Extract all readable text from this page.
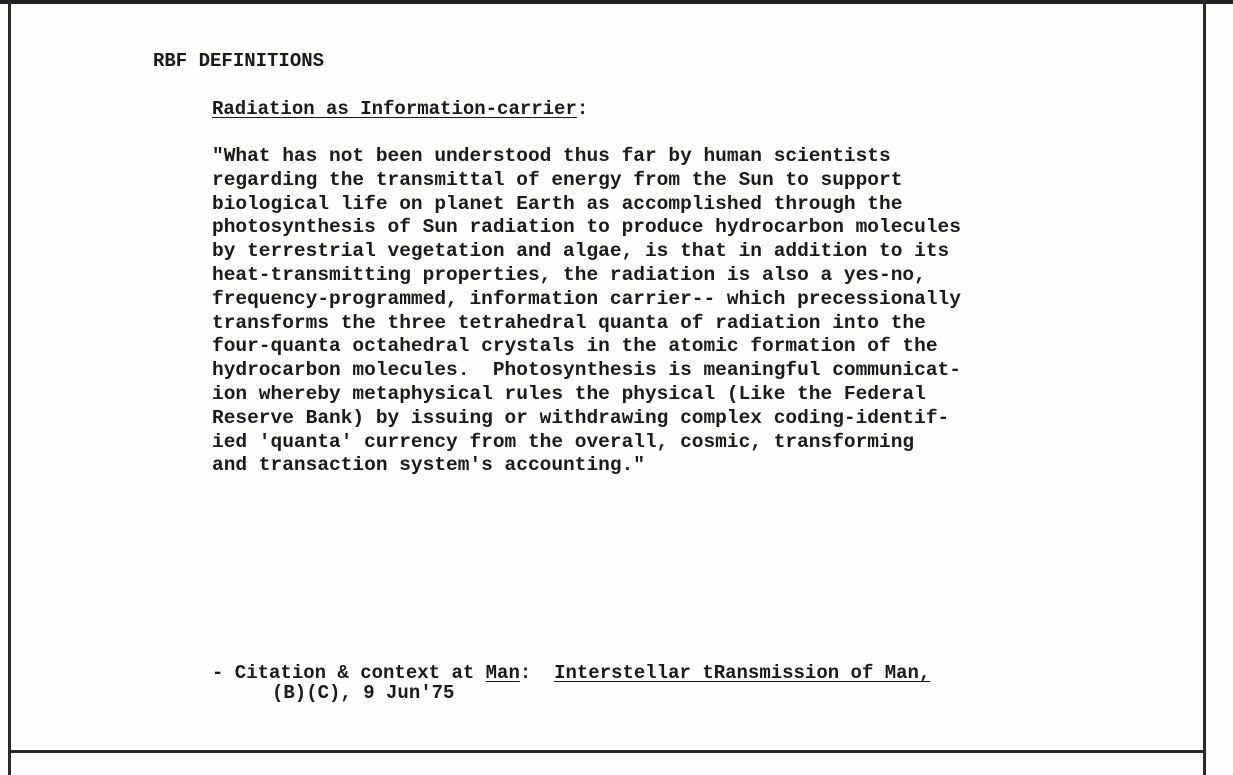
RBF DEFINITIONS
Radiation as Information-carrier:
"What has not been understood thus far by human scientists
regarding the transmittal of energy from the Sun to support
biological life on planet Earth as accomplished through the
photosynthesis of Sun radiation to produce hydrocarbon molecules
by terrestrial vegetation and algae, is that in addition to its
heat-transmitting properties, the radiation is also a yes-no,
frequency-programmed, information carrier-- which precessionally
transforms the three tetrahedral quanta of radiation into the
four-quanta octahedral crystals in the atomic formation of the
hydrocarbon molecules.  Photosynthesis is meaningful communicat-
ion whereby metaphysical rules the physical (Like the Federal
Reserve Bank) by issuing or withdrawing complex coding-identif-
ied 'quanta' currency from the overall, cosmic, transforming
and transaction system's accounting."
- Citation & context at Man:  Interstellar tRansmission of Man,
(B)(C), 9 Jun'75
